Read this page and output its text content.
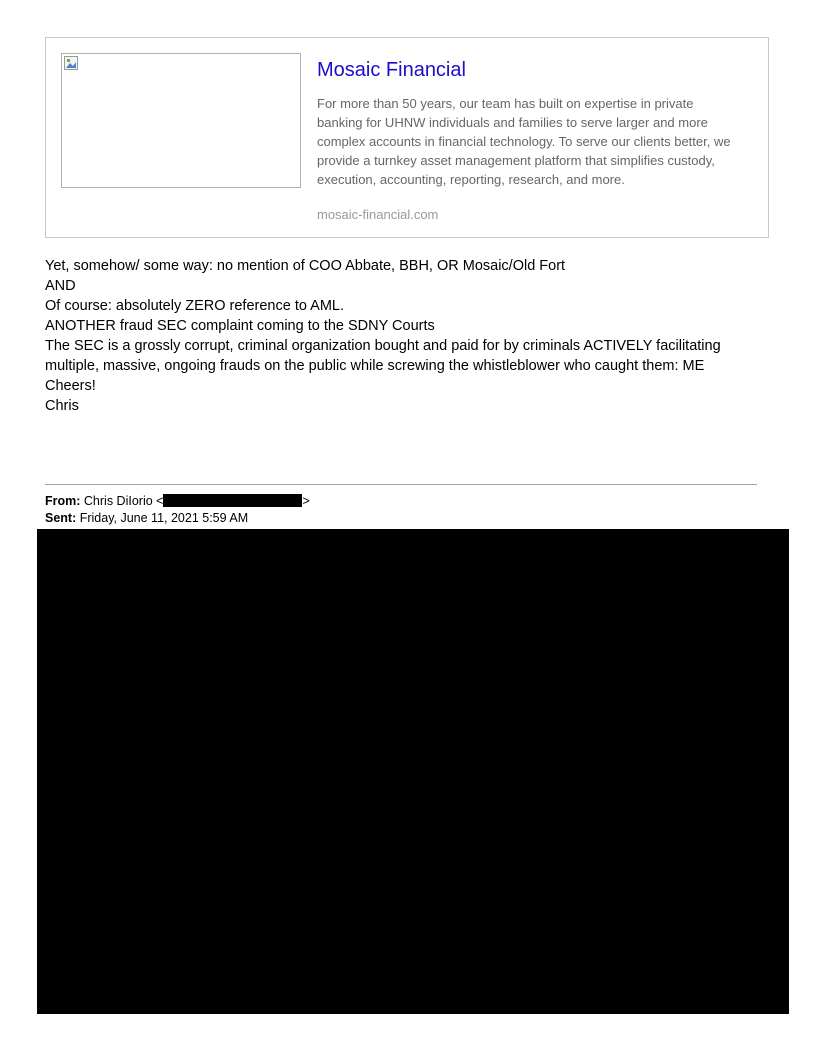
Mosaic Financial
For more than 50 years, our team has built on expertise in private banking for UHNW individuals and families to serve larger and more complex accounts in financial technology. To serve our clients better, we provide a turnkey asset management platform that simplifies custody, execution, accounting, reporting, research, and more.
mosaic-financial.com
Yet, somehow/ some way: no mention of COO Abbate, BBH, OR Mosaic/Old Fort
AND
Of course: absolutely ZERO reference to AML.
ANOTHER fraud SEC complaint coming to the SDNY Courts
The SEC is a grossly corrupt, criminal organization bought and paid for by criminals ACTIVELY facilitating multiple, massive, ongoing frauds on the public while screwing the whistleblower who caught them: ME
Cheers!
Chris
From: Chris DiIorio <	>
Sent: Friday, June 11, 2021 5:59 AM
